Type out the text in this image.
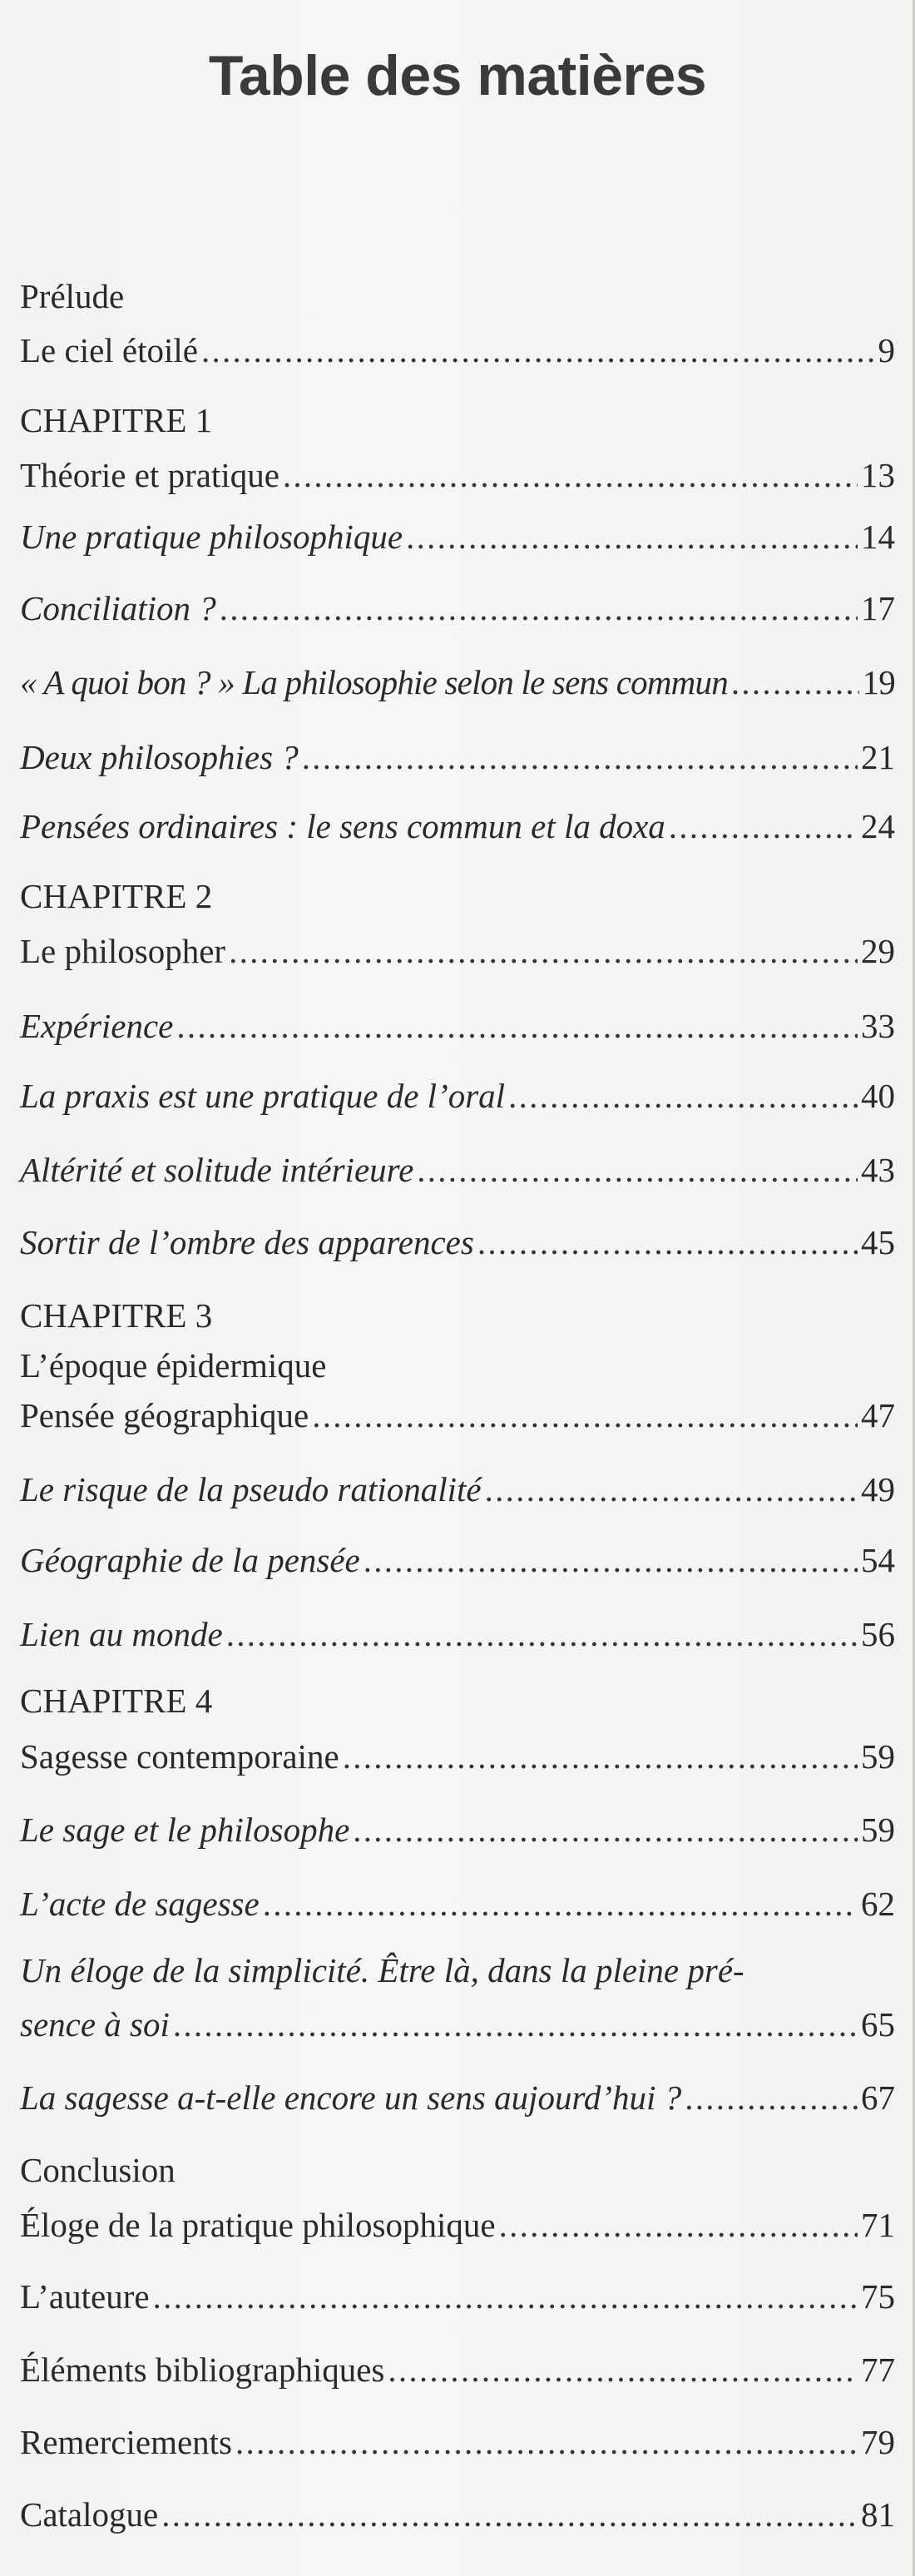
Table des matières
Prélude
Le ciel étoilé . . .	9
CHAPITRE 1
Théorie et pratique . . .	13
Une pratique philosophique . . .	14
Conciliation ? . . .	17
« A quoi bon ? » La philosophie selon le sens commun . . .	19
Deux philosophies ? . . .	21
Pensées ordinaires : le sens commun et la doxa . . .	24
CHAPITRE 2
Le philosopher . . .	29
Expérience . . .	33
La praxis est une pratique de l’oral . . .	40
Altérité et solitude intérieure . . .	43
Sortir de l’ombre des apparences . . .	45
CHAPITRE 3
L’époque épidermique
Pensée géographique . . .	47
Le risque de la pseudo rationalité . . .	49
Géographie de la pensée . . .	54
Lien au monde . . .	56
CHAPITRE 4
Sagesse contemporaine . . .	59
Le sage et le philosophe . . .	59
L’acte de sagesse . . .	62
Un éloge de la simplicité. Être là, dans la pleine pré-
sence à soi . . .	65
La sagesse a-t-elle encore un sens aujourd’hui ? . . .	67
Conclusion
Éloge de la pratique philosophique . . .	71
L’auteure . . .	75
Éléments bibliographiques . . .	77
Remerciements . . .	79
Catalogue . . .	81
